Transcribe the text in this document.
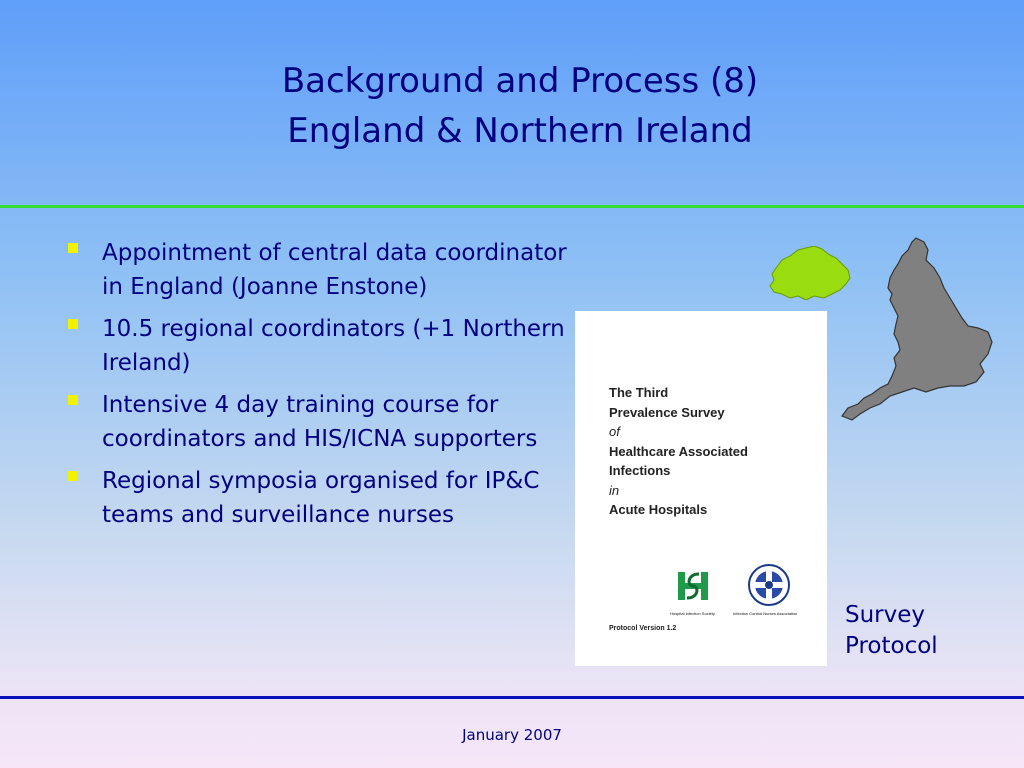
Background and Process (8)
England & Northern Ireland
Appointment of central data coordinator in England (Joanne Enstone)
10.5 regional coordinators (+1 Northern Ireland)
Intensive 4 day training course for coordinators and HIS/ICNA supporters
Regional symposia organised for IP&C teams and surveillance nurses
The Third
Prevalence Survey
of
Healthcare Associated
Infections
in
Acute Hospitals
Hospital Infection Society	Infection Control Nurses Association
Protocol Version 1.2
Survey
Protocol
January 2007
